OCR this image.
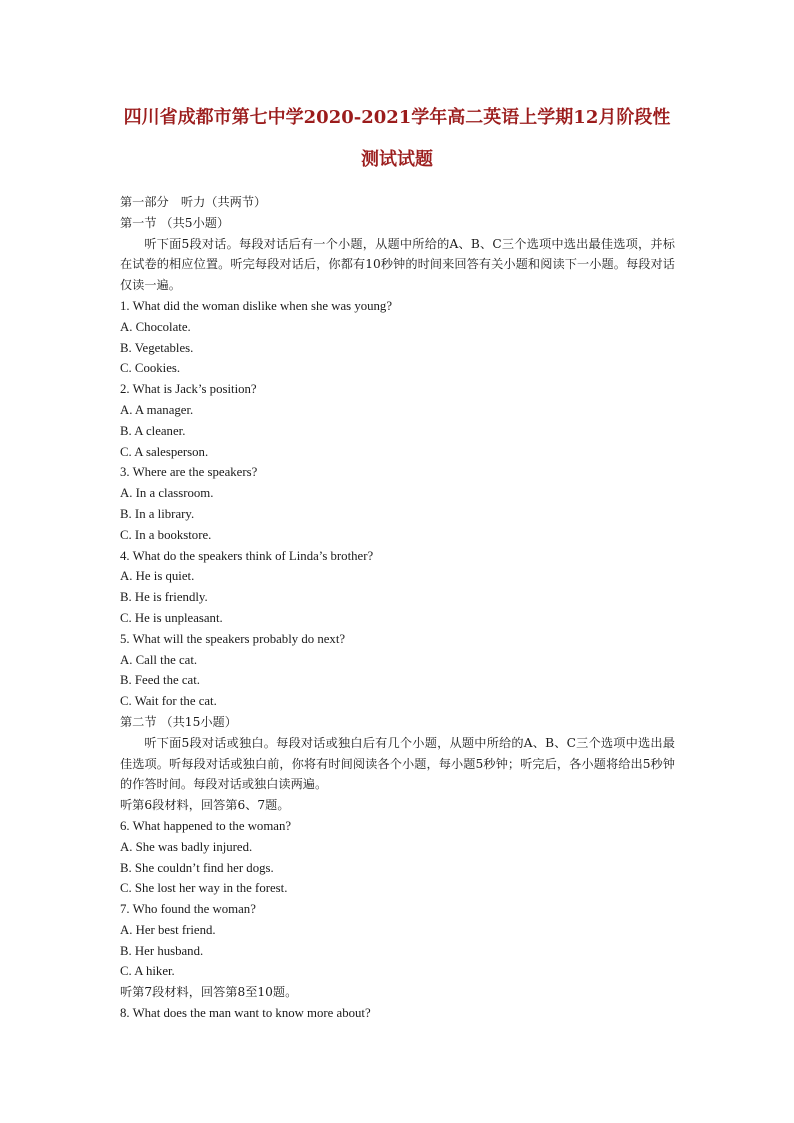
四川省成都市第七中学2020-2021学年高二英语上学期12月阶段性

测试试题

第一部分　听力（共两节）

第一节 （共5小题）

听下面5段对话。每段对话后有一个小题，从题中所给的A、B、C三个选项中选出最佳选项，并标在试卷的相应位置。听完每段对话后，你都有10秒钟的时间来回答有关小题和阅读下一小题。每段对话仅读一遍。

1. What did the woman dislike when she was young?

A. Chocolate.

B. Vegetables.

C. Cookies.

2. What is Jack’s position?

A. A manager.

B. A cleaner.

C. A salesperson.

3. Where are the speakers?

A. In a classroom.

B. In a library.

C. In a bookstore.

4. What do the speakers think of Linda’s brother?

A. He is quiet.

B. He is friendly.

C. He is unpleasant.

5. What will the speakers probably do next?

A. Call the cat.

B. Feed the cat.

C. Wait for the cat.

第二节 （共15小题）

听下面5段对话或独白。每段对话或独白后有几个小题，从题中所给的A、B、C三个选项中选出最佳选项。听每段对话或独白前，你将有时间阅读各个小题，每小题5秒钟；听完后，各小题将给出5秒钟的作答时间。每段对话或独白读两遍。

听第6段材料，回答第6、7题。

6. What happened to the woman?

A. She was badly injured.

B. She couldn’t find her dogs.

C. She lost her way in the forest.

7. Who found the woman?

A. Her best friend.

B. Her husband.

C. A hiker.

听第7段材料，回答第8至10题。

8. What does the man want to know more about?
